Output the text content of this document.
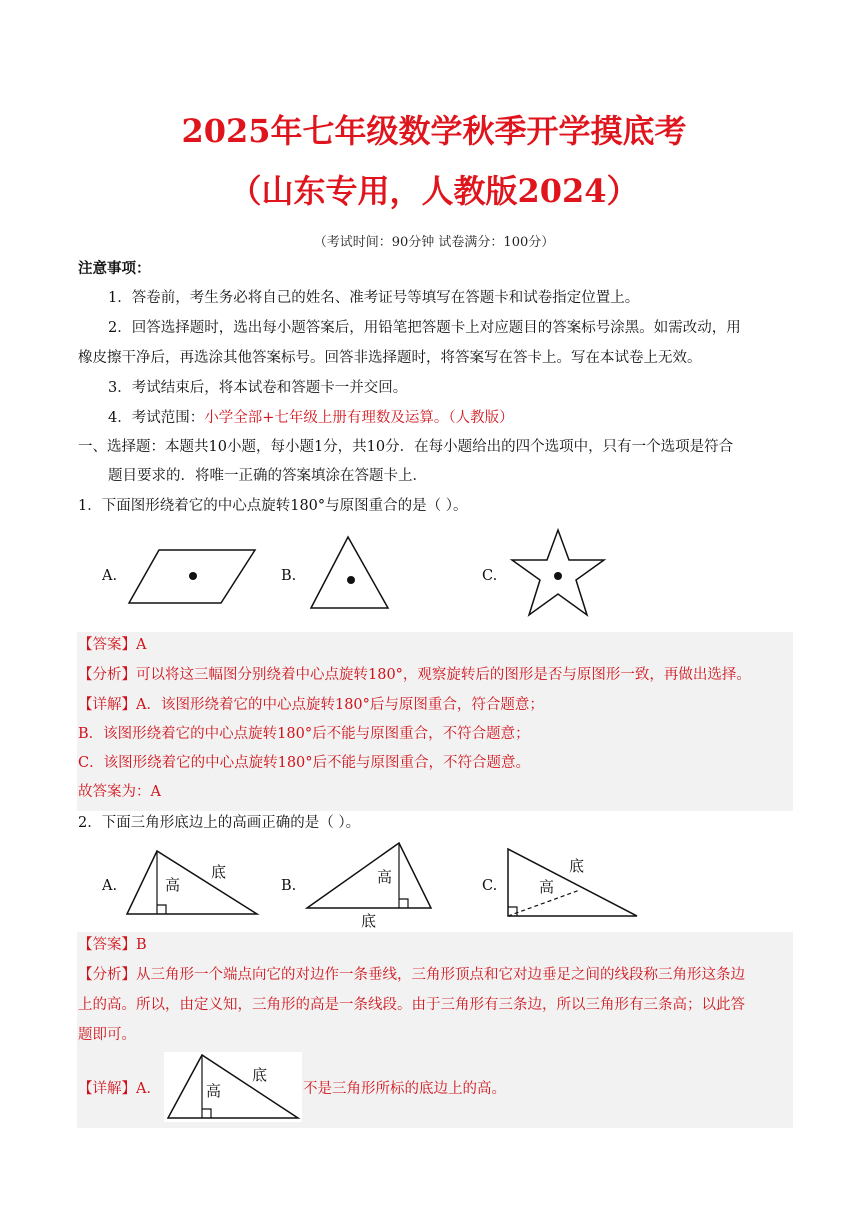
2025年七年级数学秋季开学摸底考
（山东专用，人教版2024）
（考试时间：90分钟 试卷满分：100分）
注意事项：
1．答卷前，考生务必将自己的姓名、准考证号等填写在答题卡和试卷指定位置上。
2．回答选择题时，选出每小题答案后，用铅笔把答题卡上对应题目的答案标号涂黑。如需改动，用
橡皮擦干净后，再选涂其他答案标号。回答非选择题时，将答案写在答卡上。写在本试卷上无效。
3．考试结束后，将本试卷和答题卡一并交回。
4．考试范围：小学全部+七年级上册有理数及运算。（人教版）
一、选择题：本题共10小题，每小题1分，共10分．在每小题给出的四个选项中，只有一个选项是符合
题目要求的．将唯一正确的答案填涂在答题卡上．
1．下面图形绕着它的中心点旋转180°与原图重合的是（ ）。
A.	B.	C.
【答案】A
【分析】可以将这三幅图分别绕着中心点旋转180°，观察旋转后的图形是否与原图形一致，再做出选择。
【详解】A．该图形绕着它的中心点旋转180°后与原图重合，符合题意；
B．该图形绕着它的中心点旋转180°后不能与原图重合，不符合题意；
C．该图形绕着它的中心点旋转180°后不能与原图重合，不符合题意。
故答案为：A
2．下面三角形底边上的高画正确的是（ ）。
A.	高
底
B.	高
底
C.	高
底
【答案】B
【分析】从三角形一个端点向它的对边作一条垂线，三角形顶点和它对边垂足之间的线段称三角形这条边
上的高。所以，由定义知，三角形的高是一条线段。由于三角形有三条边，所以三角形有三条高；以此答
题即可。
【详解】A．	高
底
不是三角形所标的底边上的高。
